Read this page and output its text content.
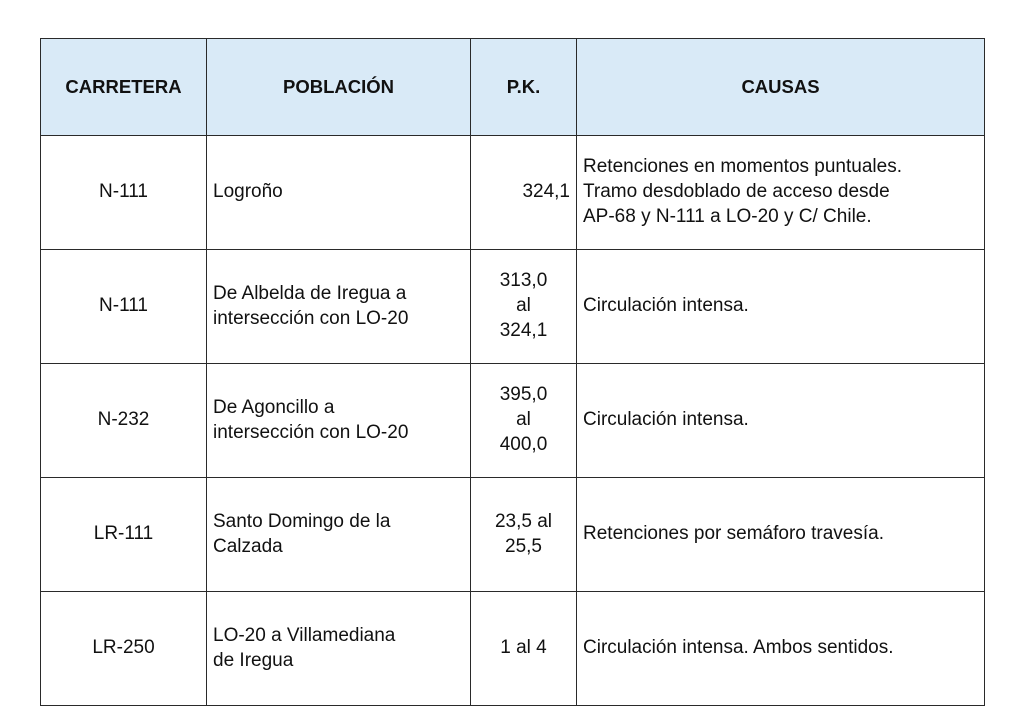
CARRETERA	POBLACIÓN	P.K.	CAUSAS
N-111	Logroño	324,1	Retenciones en momentos puntuales.
Tramo desdoblado de acceso desde
AP-68 y N-111 a LO-20 y C/ Chile.

N-111	De Albelda de Iregua a
intersección con LO-20	313,0
al
324,1	Circulación intensa.

N-232	De Agoncillo a
intersección con LO-20	395,0
al
400,0	Circulación intensa.

LR-111	Santo Domingo de la
Calzada	23,5 al
25,5	Retenciones por semáforo travesía.

LR-250	LO-20 a Villamediana
de Iregua	1 al 4	Circulación intensa. Ambos sentidos.
